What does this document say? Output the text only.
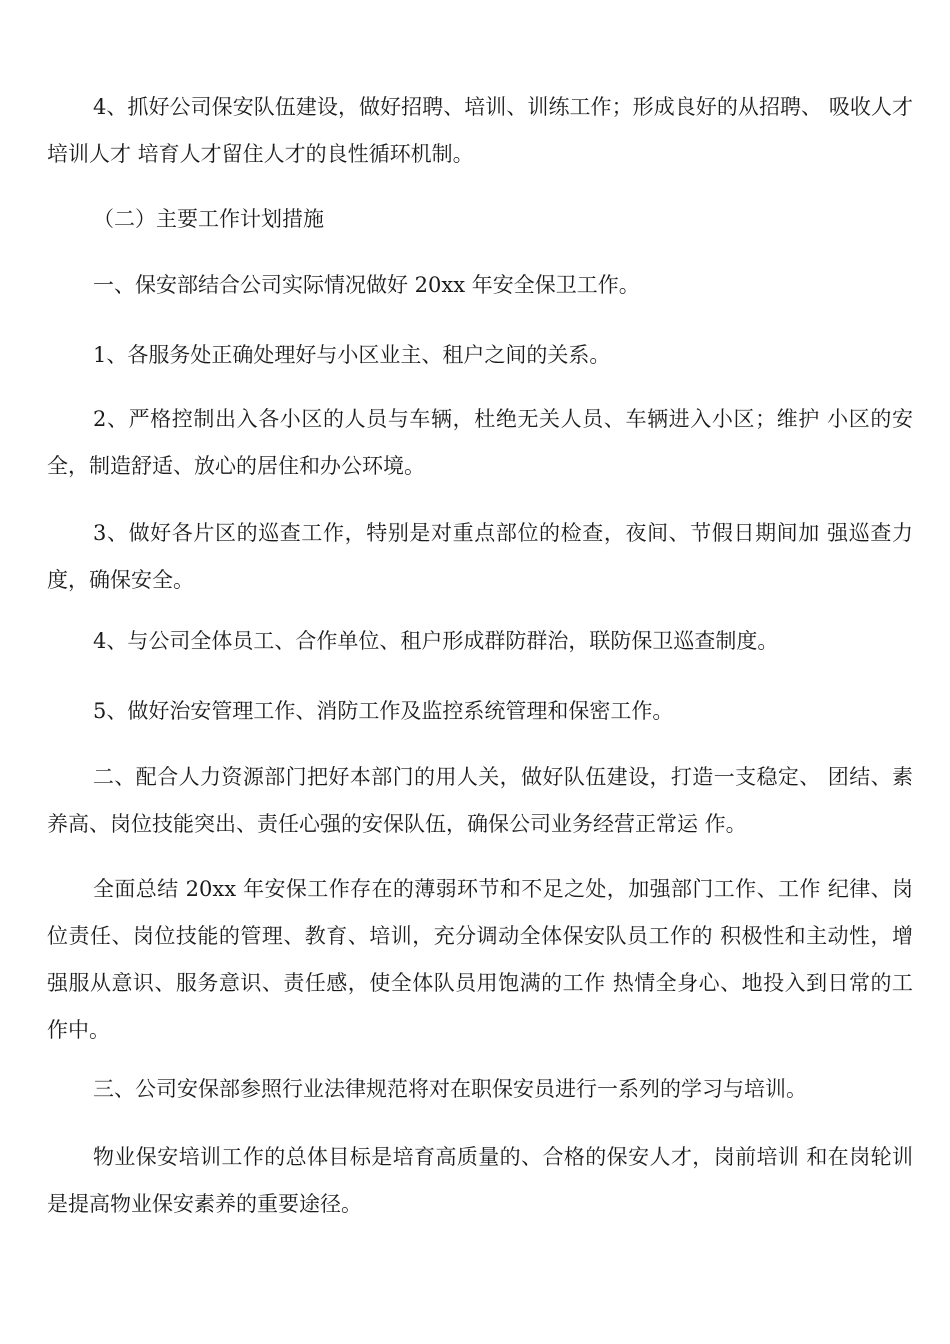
4、抓好公司保安队伍建设，做好招聘、培训、训练工作；形成良好的从招聘、 吸收人才培训人才 培育人才留住人才的良性循环机制。

（二）主要工作计划措施

一、保安部结合公司实际情况做好 20xx 年安全保卫工作。

1、各服务处正确处理好与小区业主、租户之间的关系。

2、严格控制出入各小区的人员与车辆，杜绝无关人员、车辆进入小区；维护 小区的安全，制造舒适、放心的居住和办公环境。

3、做好各片区的巡查工作，特别是对重点部位的检查，夜间、节假日期间加 强巡查力度，确保安全。

4、与公司全体员工、合作单位、租户形成群防群治，联防保卫巡查制度。

5、做好治安管理工作、消防工作及监控系统管理和保密工作。

二、配合人力资源部门把好本部门的用人关，做好队伍建设，打造一支稳定、 团结、素养高、岗位技能突出、责任心强的安保队伍，确保公司业务经营正常运 作。

全面总结 20xx 年安保工作存在的薄弱环节和不足之处，加强部门工作、工作 纪律、岗位责任、岗位技能的管理、教育、培训，充分调动全体保安队员工作的 积极性和主动性，增强服从意识、服务意识、责任感，使全体队员用饱满的工作 热情全身心、地投入到日常的工作中。

三、公司安保部参照行业法律规范将对在职保安员进行一系列的学习与培训。

物业保安培训工作的总体目标是培育高质量的、合格的保安人才，岗前培训 和在岗轮训是提高物业保安素养的重要途径。
